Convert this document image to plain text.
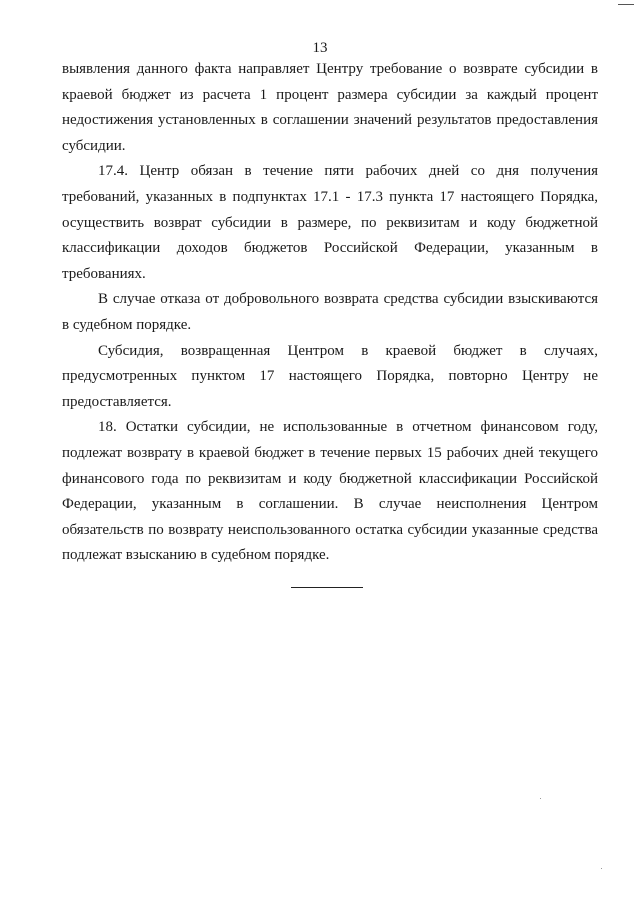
13

выявления данного факта направляет Центру требование о возврате субсидии в краевой бюджет из расчета 1 процент размера субсидии за каждый процент недостижения установленных в соглашении значений результатов предоставления субсидии.

17.4. Центр обязан в течение пяти рабочих дней со дня получения требований, указанных в подпунктах 17.1 - 17.3 пункта 17 настоящего Порядка, осуществить возврат субсидии в размере, по реквизитам и коду бюджетной классификации доходов бюджетов Российской Федерации, указанным в требованиях.

В случае отказа от добровольного возврата средства субсидии взыскиваются в судебном порядке.

Субсидия, возвращенная Центром в краевой бюджет в случаях, предусмотренных пунктом 17 настоящего Порядка, повторно Центру не предоставляется.

18. Остатки субсидии, не использованные в отчетном финансовом году, подлежат возврату в краевой бюджет в течение первых 15 рабочих дней текущего финансового года по реквизитам и коду бюджетной классификации Российской Федерации, указанным в соглашении. В случае неисполнения Центром обязательств по возврату неиспользованного остатка субсидии указанные средства подлежат взысканию в судебном порядке.
